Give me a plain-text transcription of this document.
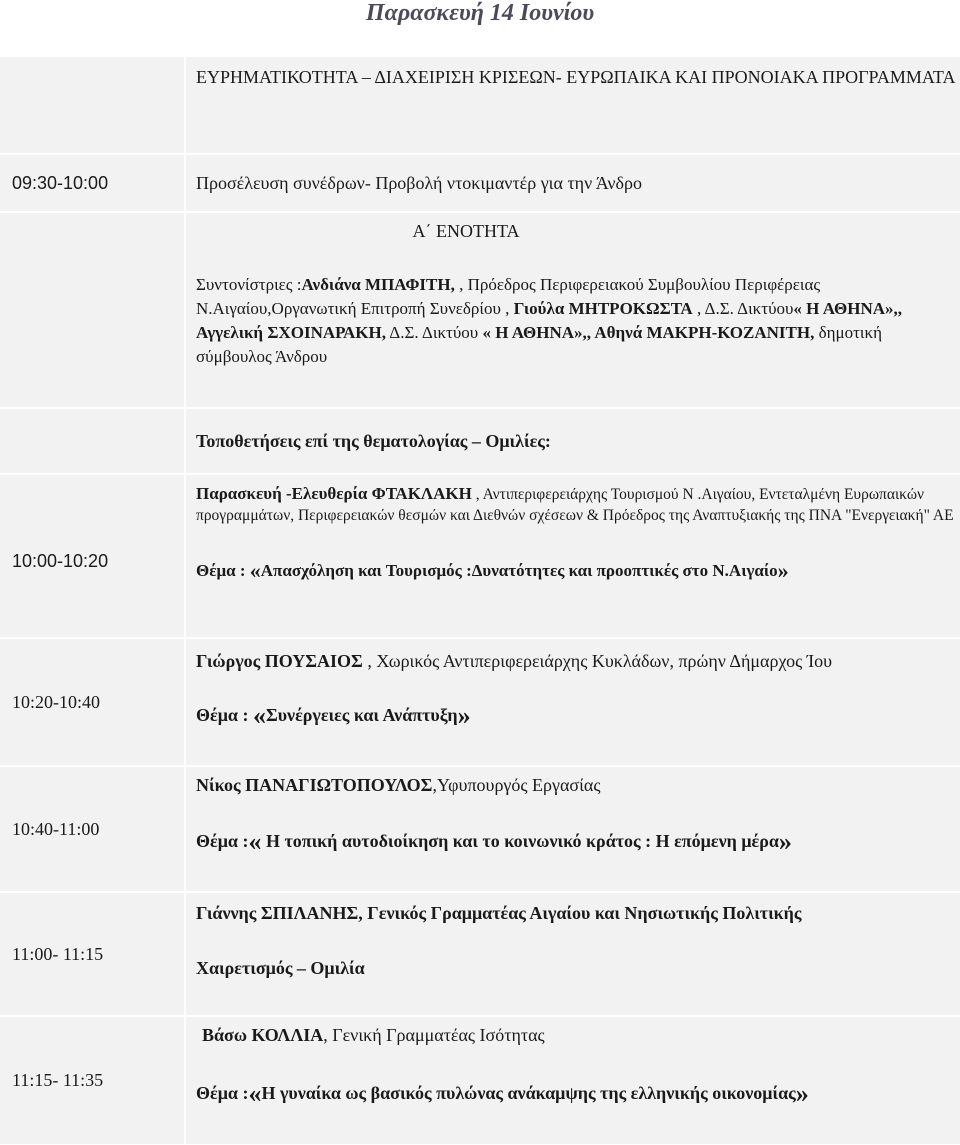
Παρασκευή 14 Ιουνίου

ΕΥΡΗΜΑΤΙΚΟΤΗΤΑ – ΔΙΑΧΕΙΡΙΣΗ ΚΡΙΣΕΩΝ- ΕΥΡΩΠΑΙΚΑ ΚΑΙ ΠΡΟΝΟΙΑΚΑ ΠΡΟΓΡΑΜΜΑΤΑ

09:30-10:00	Προσέλευση συνέδρων- Προβολή ντοκιμαντέρ για την Άνδρο

Α΄ ΕΝΟΤΗΤΑ

Συντονίστριες :Ανδιάνα ΜΠΑΦΙΤΗ, , Πρόεδρος Περιφερειακού Συμβουλίου Περιφέρειας Ν.Αιγαίου,Οργανωτική Επιτροπή Συνεδρίου , Γιούλα ΜΗΤΡΟΚΩΣΤΑ , Δ.Σ. Δικτύου« Η ΑΘΗΝΑ»,, Αγγελική ΣΧΟΙΝΑΡΑΚΗ, Δ.Σ. Δικτύου « Η ΑΘΗΝΑ»,, Αθηνά ΜΑΚΡΗ-ΚΟΖΑΝΙΤΗ, δημοτική σύμβουλος Άνδρου

Τοποθετήσεις επί της θεματολογίας – Ομιλίες:
10:00-10:20

Παρασκευή -Ελευθερία ΦΤΑΚΛΑΚΗ , Αντιπεριφερειάρχης Τουρισμού Ν .Αιγαίου, Εντεταλμένη Ευρωπαικών προγραμμάτων, Περιφερειακών θεσμών και Διεθνών σχέσεων & Πρόεδρος της Αναπτυξιακής της ΠΝΑ "Ενεργειακή" ΑΕ

Θέμα : «Απασχόληση και Τουρισμός :Δυνατότητες και προοπτικές στο Ν.Αιγαίο»

10:20-10:40

Γιώργος ΠΟΥΣΑΙΟΣ , Χωρικός Αντιπεριφερειάρχης Κυκλάδων, πρώην Δήμαρχος Ίου

Θέμα : «Συνέργειες και Ανάπτυξη»

10:40-11:00

Νίκος ΠΑΝΑΓΙΩΤΟΠΟΥΛΟΣ,Υφυπουργός Εργασίας

Θέμα :« Η τοπική αυτοδιοίκηση και το κοινωνικό κράτος : Η επόμενη μέρα»

11:00- 11:15

Γιάννης ΣΠΙΛΑΝΗΣ, Γενικός Γραμματέας Αιγαίου και Νησιωτικής Πολιτικής

Χαιρετισμός – Ομιλία

11:15- 11:35

Βάσω ΚΟΛΛΙΑ, Γενική Γραμματέας Ισότητας

Θέμα :«Η γυναίκα ως βασικός πυλώνας ανάκαμψης της ελληνικής οικονομίας»
